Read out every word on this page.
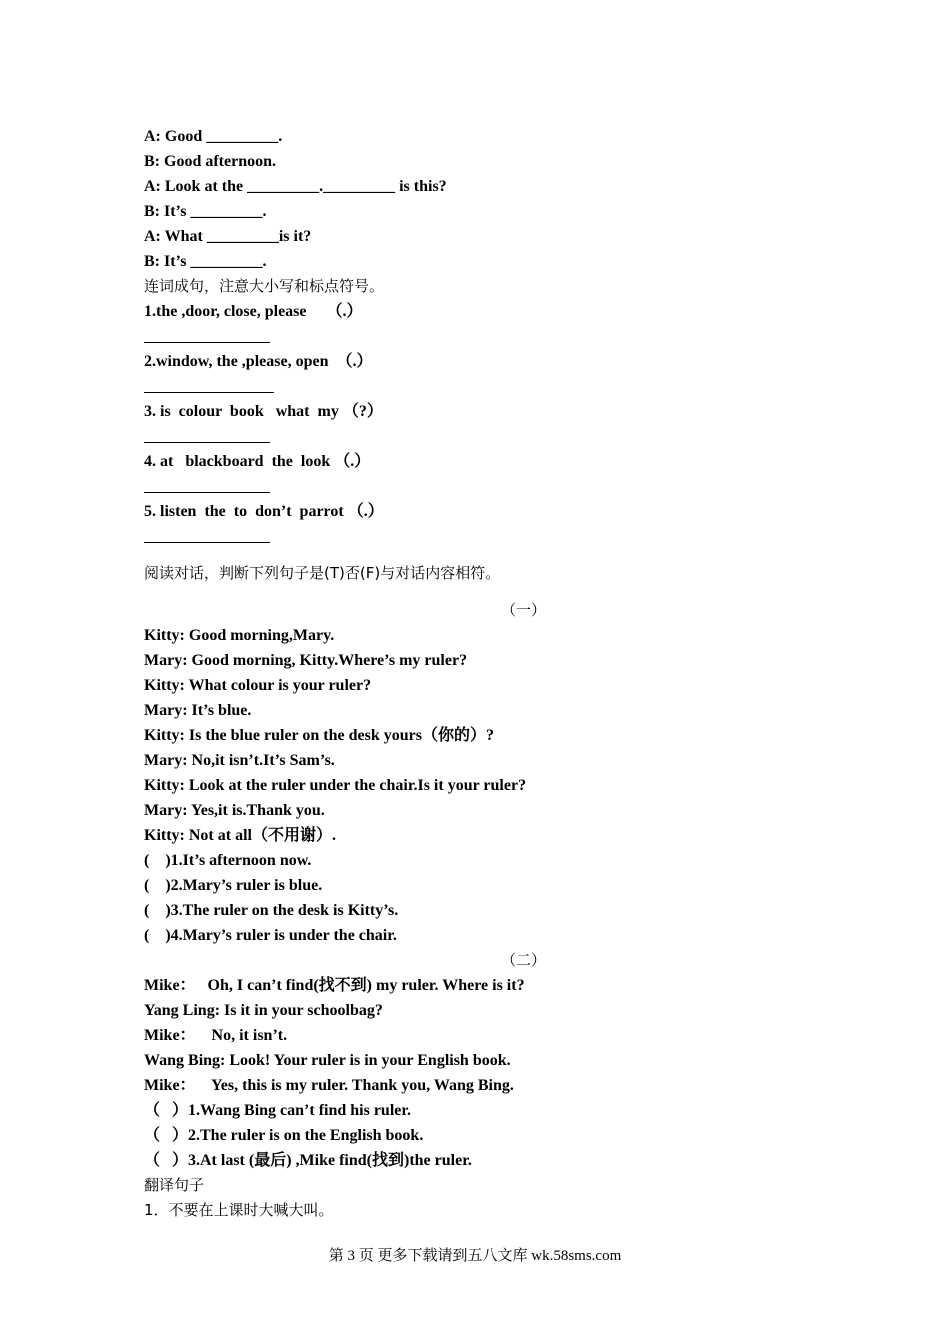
A: Good _________.
B: Good afternoon.
A: Look at the _________._________ is this?
B: It’s _________.
A: What _________is it?
B: It’s _________.
连词成句，注意大小写和标点符号。
1.the ,door, close, please     （.）
2.window, the ,please, open  （.）
3. is  colour  book   what  my （?）
4. at   blackboard  the  look （.）
5. listen  the  to  don’t  parrot （.）
阅读对话，判断下列句子是(T)否(F)与对话内容相符。
（一）
Kitty: Good morning,Mary.
Mary: Good morning, Kitty.Where’s my ruler?
Kitty: What colour is your ruler?
Mary: It’s blue.
Kitty: Is the blue ruler on the desk yours（你的）?
Mary: No,it isn’t.It’s Sam’s.
Kitty: Look at the ruler under the chair.Is it your ruler?
Mary: Yes,it is.Thank you.
Kitty: Not at all（不用谢）.
(    )1.It’s afternoon now.
(    )2.Mary’s ruler is blue.
(    )3.The ruler on the desk is Kitty’s.
(    )4.Mary’s ruler is under the chair.
（二）
Mike：   Oh, I can’t find(找不到) my ruler. Where is it?
Yang Ling: Is it in your schoolbag?
Mike：    No, it isn’t.
Wang Bing: Look! Your ruler is in your English book.
Mike：    Yes, this is my ruler. Thank you, Wang Bing.
（   ）1.Wang Bing can’t find his ruler.
（   ）2.The ruler is on the English book.
（   ）3.At last (最后) ,Mike find(找到)the ruler.
翻译句子
1．不要在上课时大喊大叫。
第 3 页 更多下载请到五八文库 wk.58sms.com
